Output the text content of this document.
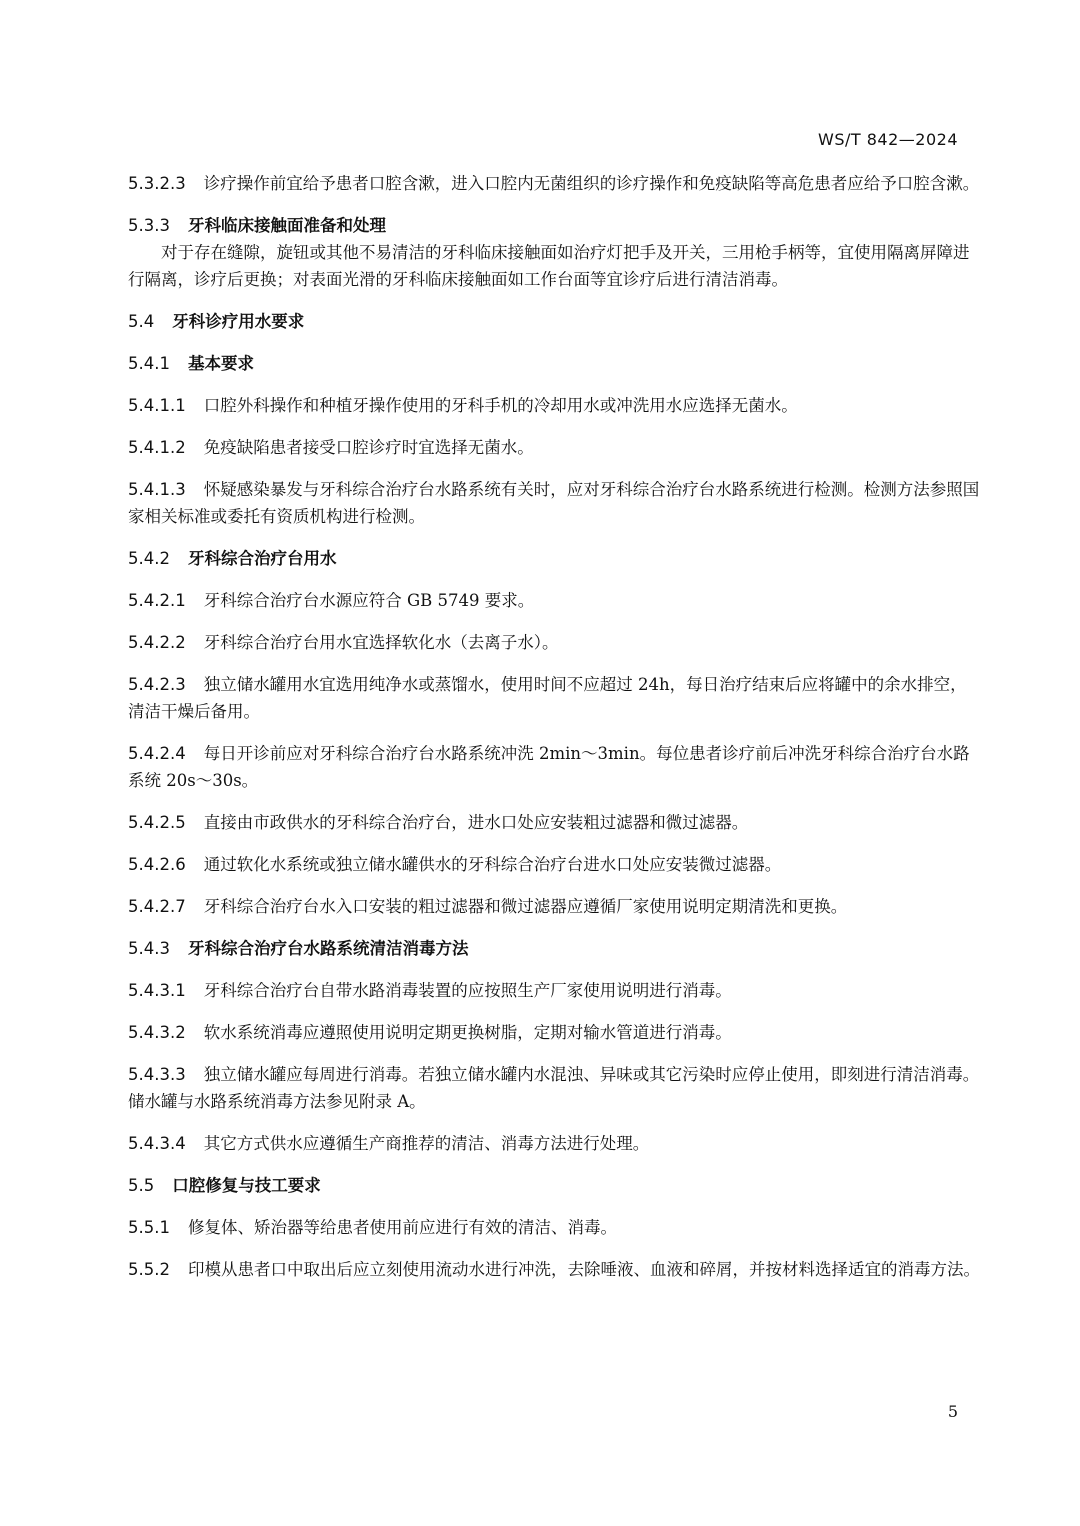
WS/T 842—2024

5.3.2.3 诊疗操作前宜给予患者口腔含漱，进入口腔内无菌组织的诊疗操作和免疫缺陷等高危患者应给予口腔含漱。

5.3.3 牙科临床接触面准备和处理

对于存在缝隙，旋钮或其他不易清洁的牙科临床接触面如治疗灯把手及开关，三用枪手柄等，宜使用隔离屏障进行隔离，诊疗后更换；对表面光滑的牙科临床接触面如工作台面等宜诊疗后进行清洁消毒。

5.4 牙科诊疗用水要求

5.4.1 基本要求

5.4.1.1 口腔外科操作和种植牙操作使用的牙科手机的冷却用水或冲洗用水应选择无菌水。

5.4.1.2 免疫缺陷患者接受口腔诊疗时宜选择无菌水。

5.4.1.3 怀疑感染暴发与牙科综合治疗台水路系统有关时，应对牙科综合治疗台水路系统进行检测。检测方法参照国家相关标准或委托有资质机构进行检测。

5.4.2 牙科综合治疗台用水

5.4.2.1 牙科综合治疗台水源应符合 GB 5749 要求。

5.4.2.2 牙科综合治疗台用水宜选择软化水（去离子水）。

5.4.2.3 独立储水罐用水宜选用纯净水或蒸馏水，使用时间不应超过 24h，每日治疗结束后应将罐中的余水排空，清洁干燥后备用。

5.4.2.4 每日开诊前应对牙科综合治疗台水路系统冲洗 2min～3min。每位患者诊疗前后冲洗牙科综合治疗台水路系统 20s～30s。

5.4.2.5 直接由市政供水的牙科综合治疗台，进水口处应安装粗过滤器和微过滤器。

5.4.2.6 通过软化水系统或独立储水罐供水的牙科综合治疗台进水口处应安装微过滤器。

5.4.2.7 牙科综合治疗台水入口安装的粗过滤器和微过滤器应遵循厂家使用说明定期清洗和更换。

5.4.3 牙科综合治疗台水路系统清洁消毒方法

5.4.3.1 牙科综合治疗台自带水路消毒装置的应按照生产厂家使用说明进行消毒。

5.4.3.2 软水系统消毒应遵照使用说明定期更换树脂，定期对输水管道进行消毒。

5.4.3.3 独立储水罐应每周进行消毒。若独立储水罐内水混浊、异味或其它污染时应停止使用，即刻进行清洁消毒。储水罐与水路系统消毒方法参见附录 A。

5.4.3.4 其它方式供水应遵循生产商推荐的清洁、消毒方法进行处理。

5.5 口腔修复与技工要求

5.5.1 修复体、矫治器等给患者使用前应进行有效的清洁、消毒。

5.5.2 印模从患者口中取出后应立刻使用流动水进行冲洗，去除唾液、血液和碎屑，并按材料选择适宜的消毒方法。

5
